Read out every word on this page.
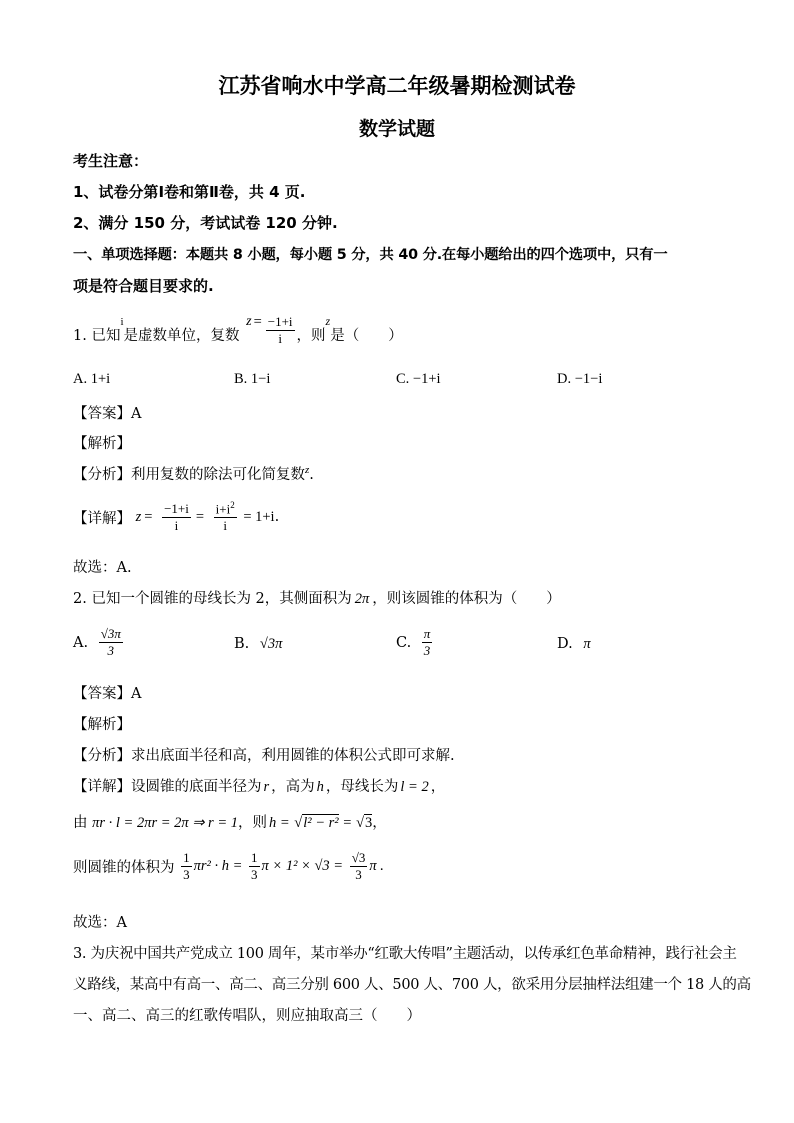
江苏省响水中学高二年级暑期检测试卷
数学试题
考生注意：
1、试卷分第Ⅰ卷和第Ⅱ卷，共 4 页.
2、满分 150 分，考试试卷 120 分钟.
一、单项选择题：本题共 8 小题，每小题 5 分，共 40 分.在每小题给出的四个选项中，只有一
项是符合题目要求的.
1. 已知$^i$是虚数单位，复数 $z = \frac{-1+i}{i}$ ，则$^z$是（　　）
A. 1+i	B. 1−i	C. −1+i	D. −1−i
【答案】A
【解析】
【分析】利用复数的除法可化简复数$^z$.
【详解】 $z = \frac{-1+i}{i} = \frac{i+i^2}{i} = 1+i$.
故选：A.
2. 已知一个圆锥的母线长为 2，其侧面积为 2π ，则该圆锥的体积为（　　）
A. $\frac{√3\pi}{3}$	B. √3π	C. $\frac{\pi}{3}$	D. π
【答案】A
【解析】
【分析】求出底面半径和高，利用圆锥的体积公式即可求解.
【详解】设圆锥的底面半径为 r ，高为 h ，母线长为 l = 2 ，
由 πr · l = 2πr = 2π ⇒ r = 1，则 h = √l² − r² = √3，
则圆锥的体积为 $\frac{1}{3} \pi r^2 \cdot h = \frac{1}{3}$ $\pi \times 1^2 \times √3 = \frac{√3}{3}$ π .
故选：A
3. 为庆祝中国共产党成立 100 周年，某市举办“红歌大传唱”主题活动，以传承红色革命精神，践行社会主
义路线，某高中有高一、高二、高三分别 600 人、500 人、700 人，欲采用分层抽样法组建一个 18 人的高
一、高二、高三的红歌传唱队，则应抽取高三（　　）
